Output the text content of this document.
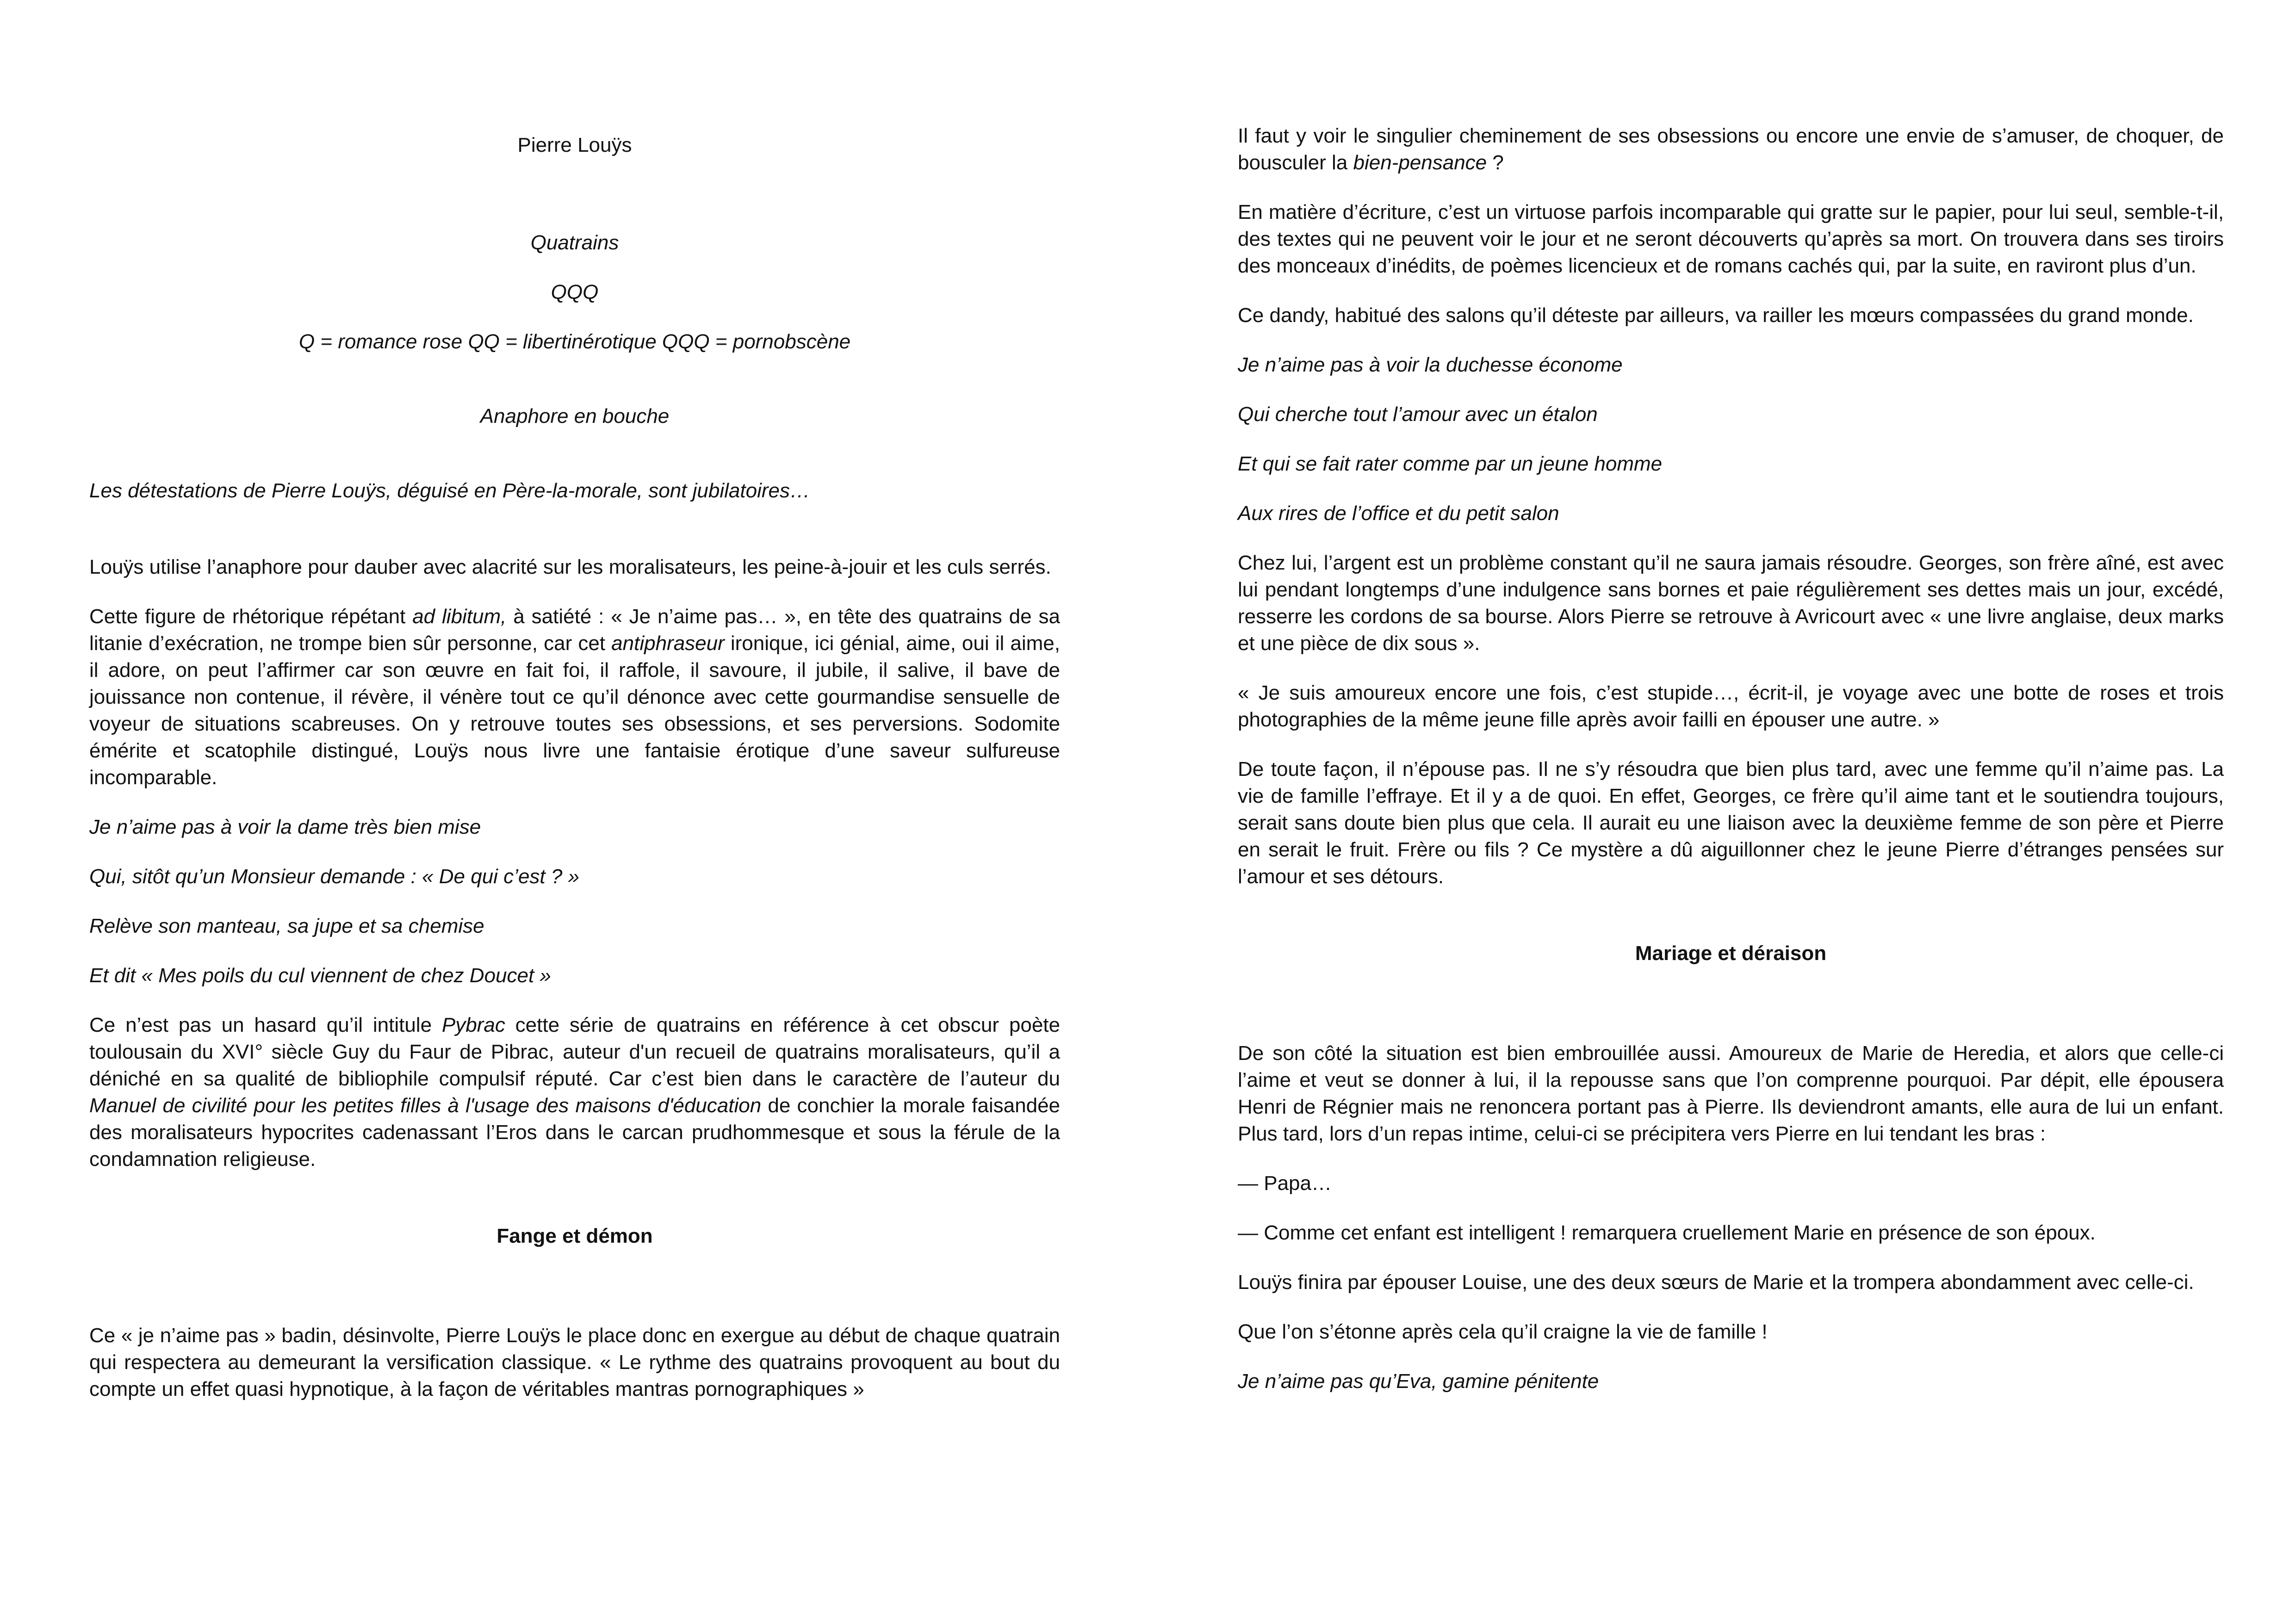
Pierre Louÿs

Quatrains

QQQ

Q = romance rose QQ = libertinérotique QQQ = pornobscène

Anaphore en bouche

Les détestations de Pierre Louÿs, déguisé en Père-la-morale, sont jubilatoires…

Louÿs utilise l’anaphore pour dauber avec alacrité sur les moralisateurs, les peine-à-jouir et les culs serrés.

Cette figure de rhétorique répétant ad libitum, à satiété : « Je n’aime pas… », en tête des quatrains de sa litanie d’exécration, ne trompe bien sûr personne, car cet antiphraseur ironique, ici génial, aime, oui il aime, il adore, on peut l’affirmer car son œuvre en fait foi, il raffole, il savoure, il jubile, il salive, il bave de jouissance non contenue, il révère, il vénère tout ce qu’il dénonce avec cette gourmandise sensuelle de voyeur de situations scabreuses. On y retrouve toutes ses obsessions, et ses perversions. Sodomite émérite et scatophile distingué, Louÿs nous livre une fantaisie érotique d’une saveur sulfureuse incomparable.

Je n’aime pas à voir la dame très bien mise

Qui, sitôt qu’un Monsieur demande : « De qui c’est ? »

Relève son manteau, sa jupe et sa chemise

Et dit « Mes poils du cul viennent de chez Doucet »

Ce n’est pas un hasard qu’il intitule Pybrac cette série de quatrains en référence à cet obscur poète toulousain du XVI° siècle Guy du Faur de Pibrac, auteur d'un recueil de quatrains moralisateurs, qu’il a déniché en sa qualité de bibliophile compulsif réputé. Car c’est bien dans le caractère de l’auteur du Manuel de civilité pour les petites filles à l'usage des maisons d'éducation de conchier la morale faisandée des moralisateurs hypocrites cadenassant l’Eros dans le carcan prudhommesque et sous la férule de la condamnation religieuse.

Fange et démon

Ce « je n’aime pas » badin, désinvolte, Pierre Louÿs le place donc en exergue au début de chaque quatrain qui respectera au demeurant la versification classique. « Le rythme des quatrains provoquent au bout du compte un effet quasi hypnotique, à la façon de véritables mantras pornographiques »

Il faut y voir le singulier cheminement de ses obsessions ou encore une envie de s’amuser, de choquer, de bousculer la bien-pensance ?

En matière d’écriture, c’est un virtuose parfois incomparable qui gratte sur le papier, pour lui seul, semble-t-il, des textes qui ne peuvent voir le jour et ne seront découverts qu’après sa mort. On trouvera dans ses tiroirs des monceaux d’inédits, de poèmes licencieux et de romans cachés qui, par la suite, en raviront plus d’un.

Ce dandy, habitué des salons qu’il déteste par ailleurs, va railler les mœurs compassées du grand monde.

Je n’aime pas à voir la duchesse économe

Qui cherche tout l’amour avec un étalon

Et qui se fait rater comme par un jeune homme

Aux rires de l’office et du petit salon

Chez lui, l’argent est un problème constant qu’il ne saura jamais résoudre. Georges, son frère aîné, est avec lui pendant longtemps d’une indulgence sans bornes et paie régulièrement ses dettes mais un jour, excédé, resserre les cordons de sa bourse. Alors Pierre se retrouve à Avricourt avec « une livre anglaise, deux marks et une pièce de dix sous ».

« Je suis amoureux encore une fois, c’est stupide…, écrit-il, je voyage avec une botte de roses et trois photographies de la même jeune fille après avoir failli en épouser une autre. »

De toute façon, il n’épouse pas. Il ne s’y résoudra que bien plus tard, avec une femme qu’il n’aime pas. La vie de famille l’effraye. Et il y a de quoi. En effet, Georges, ce frère qu’il aime tant et le soutiendra toujours, serait sans doute bien plus que cela. Il aurait eu une liaison avec la deuxième femme de son père et Pierre en serait le fruit. Frère ou fils ? Ce mystère a dû aiguillonner chez le jeune Pierre d’étranges pensées sur l’amour et ses détours.

Mariage et déraison

De son côté la situation est bien embrouillée aussi. Amoureux de Marie de Heredia, et alors que celle-ci l’aime et veut se donner à lui, il la repousse sans que l’on comprenne pourquoi. Par dépit, elle épousera Henri de Régnier mais ne renoncera portant pas à Pierre. Ils deviendront amants, elle aura de lui un enfant. Plus tard, lors d’un repas intime, celui-ci se précipitera vers Pierre en lui tendant les bras :

— Papa…

— Comme cet enfant est intelligent ! remarquera cruellement Marie en présence de son époux.

Louÿs finira par épouser Louise, une des deux sœurs de Marie et la trompera abondamment avec celle-ci.

Que l’on s’étonne après cela qu’il craigne la vie de famille !

Je n’aime pas qu’Eva, gamine pénitente
